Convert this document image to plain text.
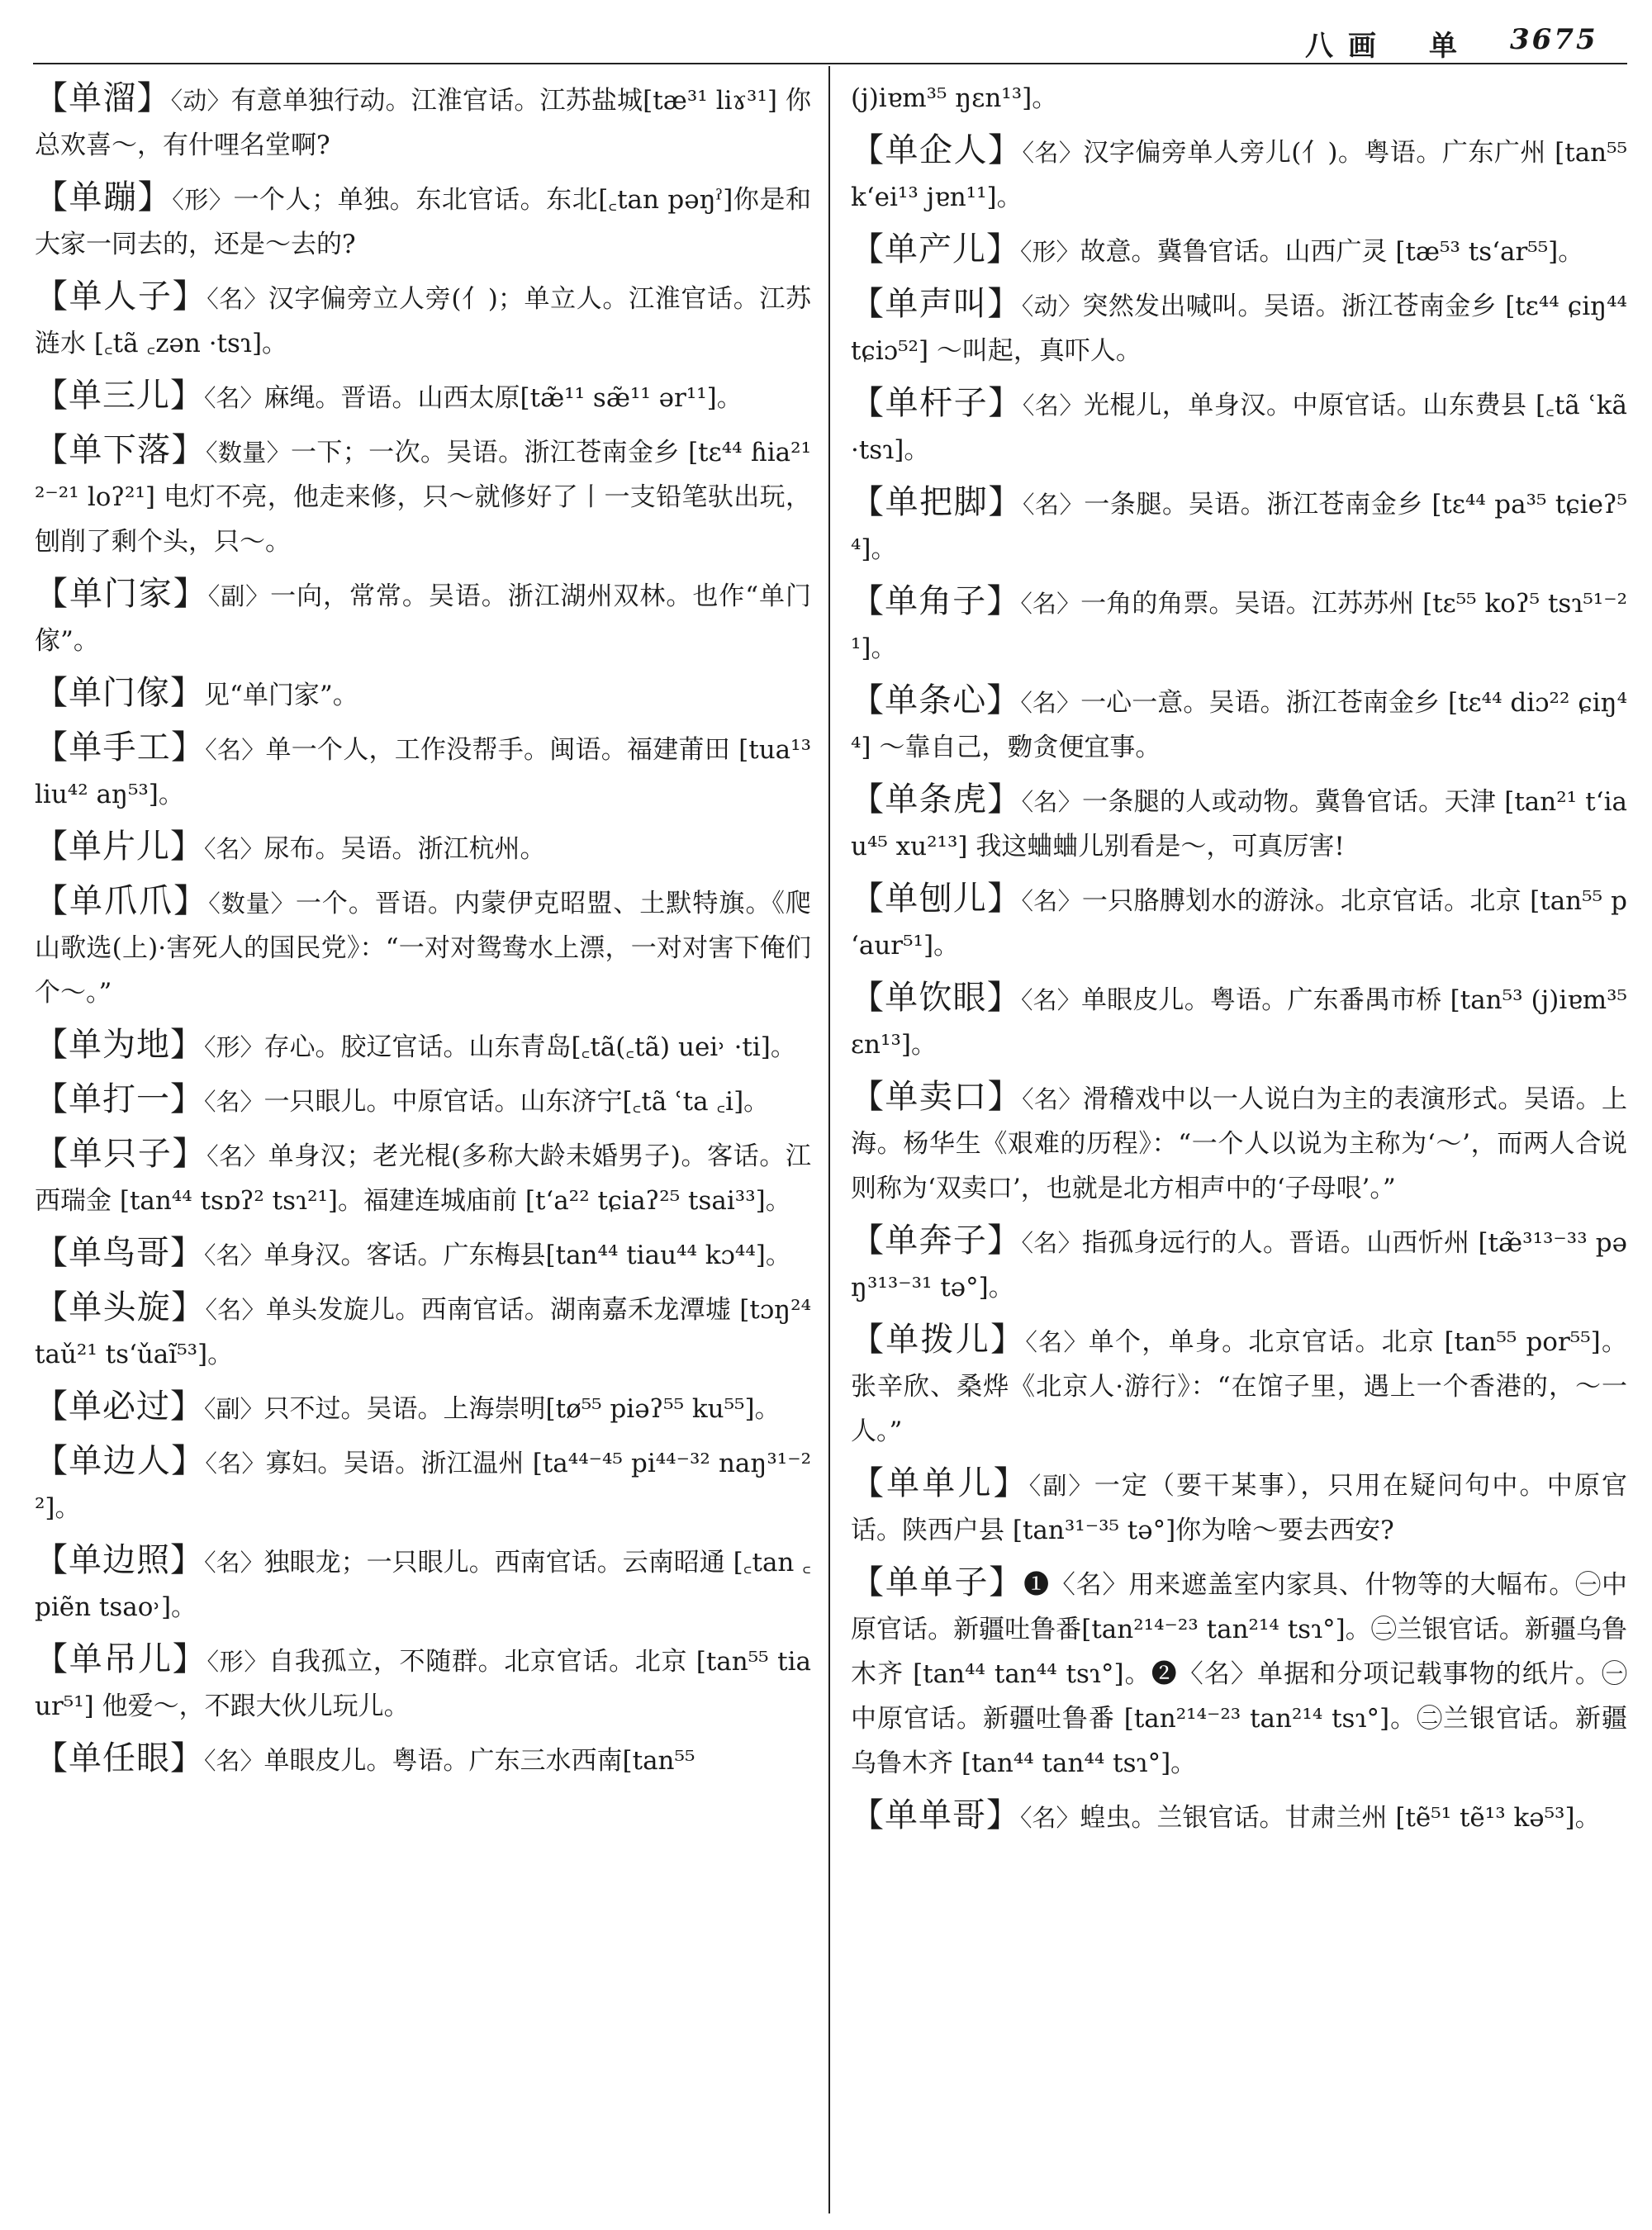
八画 单 3675
【单溜】〈动〉有意单独行动。江淮官话。江苏盐城[tæ³¹ liɤ³¹] 你总欢喜～，有什哩名堂啊?
【单蹦】〈形〉一个人；单独。东北官话。东北[꜀tan pəŋˀ]你是和大家一同去的，还是～去的?
【单人子】〈名〉汉字偏旁立人旁(亻)；单立人。江淮官话。江苏涟水 [꜀tã ꜀zən ·tsɿ]。
【单三儿】〈名〉麻绳。晋语。山西太原[tæ̃¹¹ sæ̃¹¹ ər¹¹]。
【单下落】〈数量〉一下；一次。吴语。浙江苍南金乡 [tɛ⁴⁴ ɦia²¹²⁻²¹ loʔ²¹] 电灯不亮，他走来修，只～就修好了丨一支铅笔驮出玩，刨削了剩个头，只～。
【单门家】〈副〉一向，常常。吴语。浙江湖州双林。也作“单门傢”。
【单门傢】见“单门家”。
【单手工】〈名〉单一个人，工作没帮手。闽语。福建莆田 [tua¹³ liu⁴² aŋ⁵³]。
【单片儿】〈名〉尿布。吴语。浙江杭州。
【单爪爪】〈数量〉一个。晋语。内蒙伊克昭盟、土默特旗。《爬山歌选(上)·害死人的国民党》：“一对对鸳鸯水上漂，一对对害下俺们个～。”
【单为地】〈形〉存心。胶辽官话。山东青岛[꜀tã(꜀tã) uei˒ ·ti]。
【单打一】〈名〉一只眼儿。中原官话。山东济宁[꜀tã ʿta ꜀i]。
【单只子】〈名〉单身汉；老光棍(多称大龄未婚男子)。客话。江西瑞金 [tan⁴⁴ tsɒʔ² tsɿ²¹]。福建连城庙前 [tʻa²² tɕiaʔ²⁵ tsai³³]。
【单鸟哥】〈名〉单身汉。客话。广东梅县[tan⁴⁴ tiau⁴⁴ kɔ⁴⁴]。
【单头旋】〈名〉单头发旋儿。西南官话。湖南嘉禾龙潭墟 [tɔŋ²⁴ taǔ²¹ tsʻǔaĩ⁵³]。
【单必过】〈副〉只不过。吴语。上海崇明[tø⁵⁵ piəʔ⁵⁵ ku⁵⁵]。
【单边人】〈名〉寡妇。吴语。浙江温州 [ta⁴⁴⁻⁴⁵ pi⁴⁴⁻³² naŋ³¹⁻²²]。
【单边照】〈名〉独眼龙；一只眼儿。西南官话。云南昭通 [꜀tan ꜀piẽn tsao˒]。
【单吊儿】〈形〉自我孤立，不随群。北京官话。北京 [tan⁵⁵ tiaur⁵¹] 他爱～，不跟大伙儿玩儿。
【单任眼】〈名〉单眼皮儿。粤语。广东三水西南[tan⁵⁵
(j)iɐm³⁵ ŋɛn¹³]。
【单企人】〈名〉汉字偏旁单人旁儿(亻)。粤语。广东广州 [tan⁵⁵ kʻei¹³ jɐn¹¹]。
【单产儿】〈形〉故意。冀鲁官话。山西广灵 [tæ⁵³ tsʻar⁵⁵]。
【单声叫】〈动〉突然发出喊叫。吴语。浙江苍南金乡 [tɛ⁴⁴ ɕiŋ⁴⁴ tɕiɔ⁵²] ～叫起，真吓人。
【单杆子】〈名〉光棍儿，单身汉。中原官话。山东费县 [꜀tã ʿkã ·tsɿ]。
【单把脚】〈名〉一条腿。吴语。浙江苍南金乡 [tɛ⁴⁴ pa³⁵ tɕieʔ⁵⁴]。
【单角子】〈名〉一角的角票。吴语。江苏苏州 [tɛ⁵⁵ koʔ⁵ tsɿ⁵¹⁻²¹]。
【单条心】〈名〉一心一意。吴语。浙江苍南金乡 [tɛ⁴⁴ diɔ²² ɕiŋ⁴⁴] ～靠自己，覅贪便宜事。
【单条虎】〈名〉一条腿的人或动物。冀鲁官话。天津 [tan²¹ tʻiau⁴⁵ xu²¹³] 我这蛐蛐儿别看是～，可真厉害!
【单刨儿】〈名〉一只胳膊划水的游泳。北京官话。北京 [tan⁵⁵ pʻaur⁵¹]。
【单饮眼】〈名〉单眼皮儿。粤语。广东番禺市桥 [tan⁵³ (j)iɐm³⁵ ɛn¹³]。
【单卖口】〈名〉滑稽戏中以一人说白为主的表演形式。吴语。上海。杨华生《艰难的历程》：“一个人以说为主称为‘～’，而两人合说则称为‘双卖口’，也就是北方相声中的‘子母哏’。”
【单奔子】〈名〉指孤身远行的人。晋语。山西忻州 [tæ̃³¹³⁻³³ pəŋ³¹³⁻³¹ tə°]。
【单拨儿】〈名〉单个，单身。北京官话。北京 [tan⁵⁵ por⁵⁵]。张辛欣、桑烨《北京人·游行》：“在馆子里，遇上一个香港的，～一人。”
【单单儿】〈副〉一定（要干某事），只用在疑问句中。中原官话。陕西户县 [tan³¹⁻³⁵ tə°]你为啥～要去西安?
【单单子】❶〈名〉用来遮盖室内家具、什物等的大幅布。㊀中原官话。新疆吐鲁番[tan²¹⁴⁻²³ tan²¹⁴ tsɿ°]。㊁兰银官话。新疆乌鲁木齐 [tan⁴⁴ tan⁴⁴ tsɿ°]。❷〈名〉单据和分项记载事物的纸片。㊀中原官话。新疆吐鲁番 [tan²¹⁴⁻²³ tan²¹⁴ tsɿ°]。㊁兰银官话。新疆乌鲁木齐 [tan⁴⁴ tan⁴⁴ tsɿ°]。
【单单哥】〈名〉蝗虫。兰银官话。甘肃兰州 [tẽ⁵¹ tẽ¹³ kə⁵³]。
